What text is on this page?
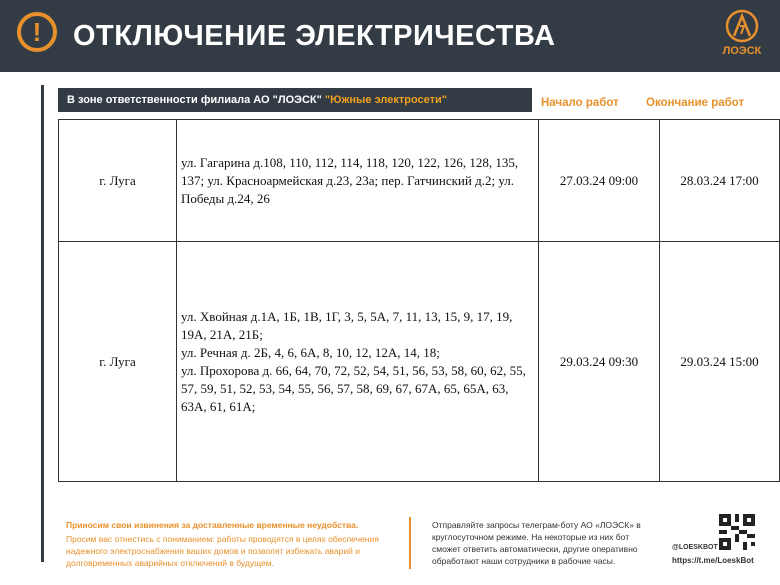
!	ОТКЛЮЧЕНИЕ ЭЛЕКТРИЧЕСТВА	ЛОЭСК
В зоне ответственности филиала АО "ЛОЭСК" "Южные электросети"	Начало работ Окончание работ
г. Луга	ул. Гагарина д.108, 110, 112, 114, 118, 120, 122, 126, 128, 135, 137; ул. Красноармейская д.23, 23а; пер. Гатчинский д.2; ул. Победы д.24, 26	27.03.24 09:00	28.03.24 17:00
г. Луга	ул. Хвойная д.1А, 1Б, 1В, 1Г, 3, 5, 5А, 7, 11, 13, 15, 9, 17, 19, 19А, 21А, 21Б;
ул. Речная д. 2Б, 4, 6, 6А, 8, 10, 12, 12А, 14, 18;
ул. Прохорова д. 66, 64, 70, 72, 52, 54, 51, 56, 53, 58, 60, 62, 55, 57, 59, 51, 52, 53, 54, 55, 56, 57, 58, 69, 67, 67А, 65, 65А, 63, 63А, 61, 61А;	29.03.24 09:30	29.03.24 15:00
Приносим свои извинения за доставленные временные неудобства.
Просим вас отнестись с пониманием: работы проводятся в целях обеспечения надежного электроснабжения ваших домов и позволят избежать аварий и долговременных аварийных отключений в будущем.
Отправляйте запросы телеграм-боту АО «ЛОЭСК» в круглосуточном режиме. На некоторые из них бот сможет ответить автоматически, другие оперативно обработают наши сотрудники в рабочие часы.
@LOESKBOT
https://t.me/LoeskBot
